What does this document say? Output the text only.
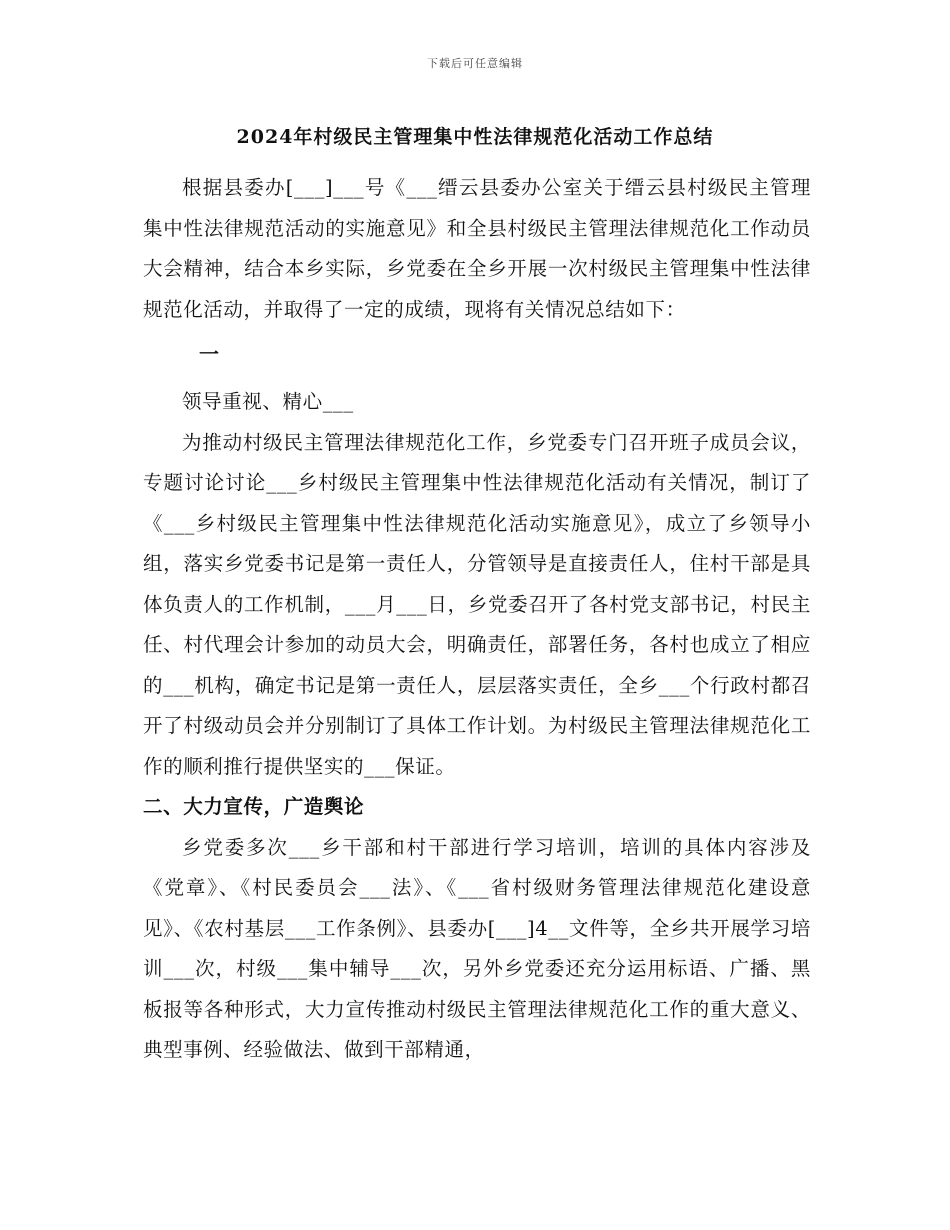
下载后可任意编辑
2024年村级民主管理集中性法律规范化活动工作总结

根据县委办[___]___号《___缙云县委办公室关于缙云县村级民主管理集中性法律规范活动的实施意见》和全县村级民主管理法律规范化工作动员大会精神，结合本乡实际，乡党委在全乡开展一次村级民主管理集中性法律规范化活动，并取得了一定的成绩，现将有关情况总结如下：

一

领导重视、精心___

为推动村级民主管理法律规范化工作，乡党委专门召开班子成员会议，专题讨论讨论___乡村级民主管理集中性法律规范化活动有关情况，制订了《___乡村级民主管理集中性法律规范化活动实施意见》，成立了乡领导小组，落实乡党委书记是第一责任人，分管领导是直接责任人，住村干部是具体负责人的工作机制，___月___日，乡党委召开了各村党支部书记，村民主任、村代理会计参加的动员大会，明确责任，部署任务，各村也成立了相应的___机构，确定书记是第一责任人，层层落实责任，全乡___个行政村都召开了村级动员会并分别制订了具体工作计划。为村级民主管理法律规范化工作的顺利推行提供坚实的___保证。

二、大力宣传，广造舆论

乡党委多次___乡干部和村干部进行学习培训，培训的具体内容涉及《党章》、《村民委员会___法》、《___省村级财务管理法律规范化建设意见》、《农村基层___工作条例》、县委办[___]4__文件等，全乡共开展学习培训___次，村级___集中辅导___次，另外乡党委还充分运用标语、广播、黑板报等各种形式，大力宣传推动村级民主管理法律规范化工作的重大意义、典型事例、经验做法、做到干部精通，
